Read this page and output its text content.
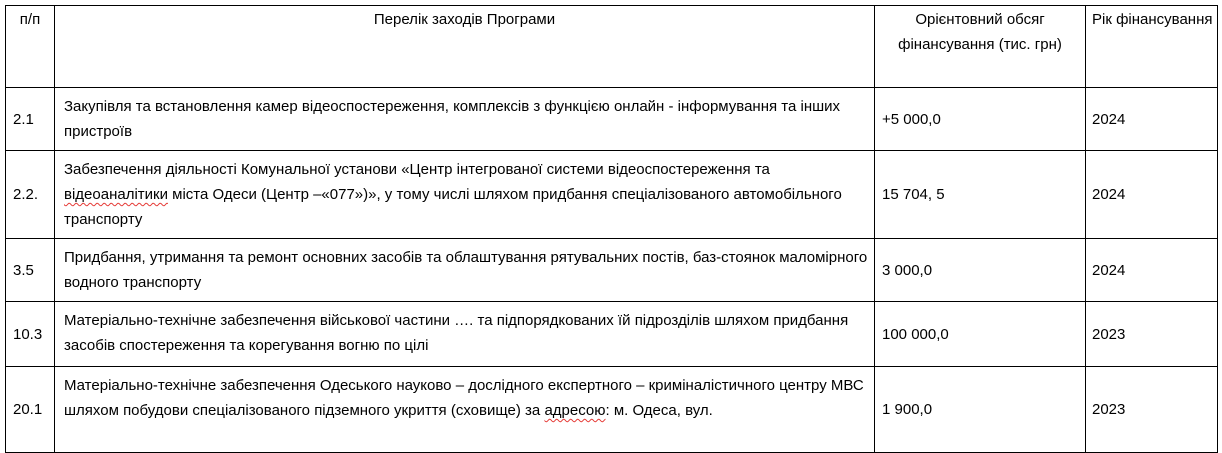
п/п	Перелік заходів Програми	Орієнтовний обсяг фінансування (тис. грн)	Рік фінансування
2.1	Закупівля та встановлення камер відеоспостереження, комплексів з функцією онлайн - інформування та інших пристроїв	+5 000,0	2024
2.2.	Забезпечення діяльності Комунальної установи «Центр інтегрованої системи відеоспостереження та відеоаналітики міста Одеси (Центр –«077»)», у тому числі шляхом придбання спеціалізованого автомобільного транспорту	15 704, 5	2024
3.5	Придбання, утримання та ремонт основних засобів та облаштування рятувальних постів, баз-стоянок маломірного водного транспорту	3 000,0	2024
10.3	Матеріально-технічне забезпечення військової частини …. та підпорядкованих їй підрозділів шляхом придбання засобів спостереження та корегування вогню по цілі	100 000,0	2023
20.1	Матеріально-технічне забезпечення Одеського науково – дослідного експертного – криміналістичного центру МВС шляхом побудови спеціалізованого підземного укриття (сховище) за адресою: м. Одеса, вул.	1 900,0	2023
